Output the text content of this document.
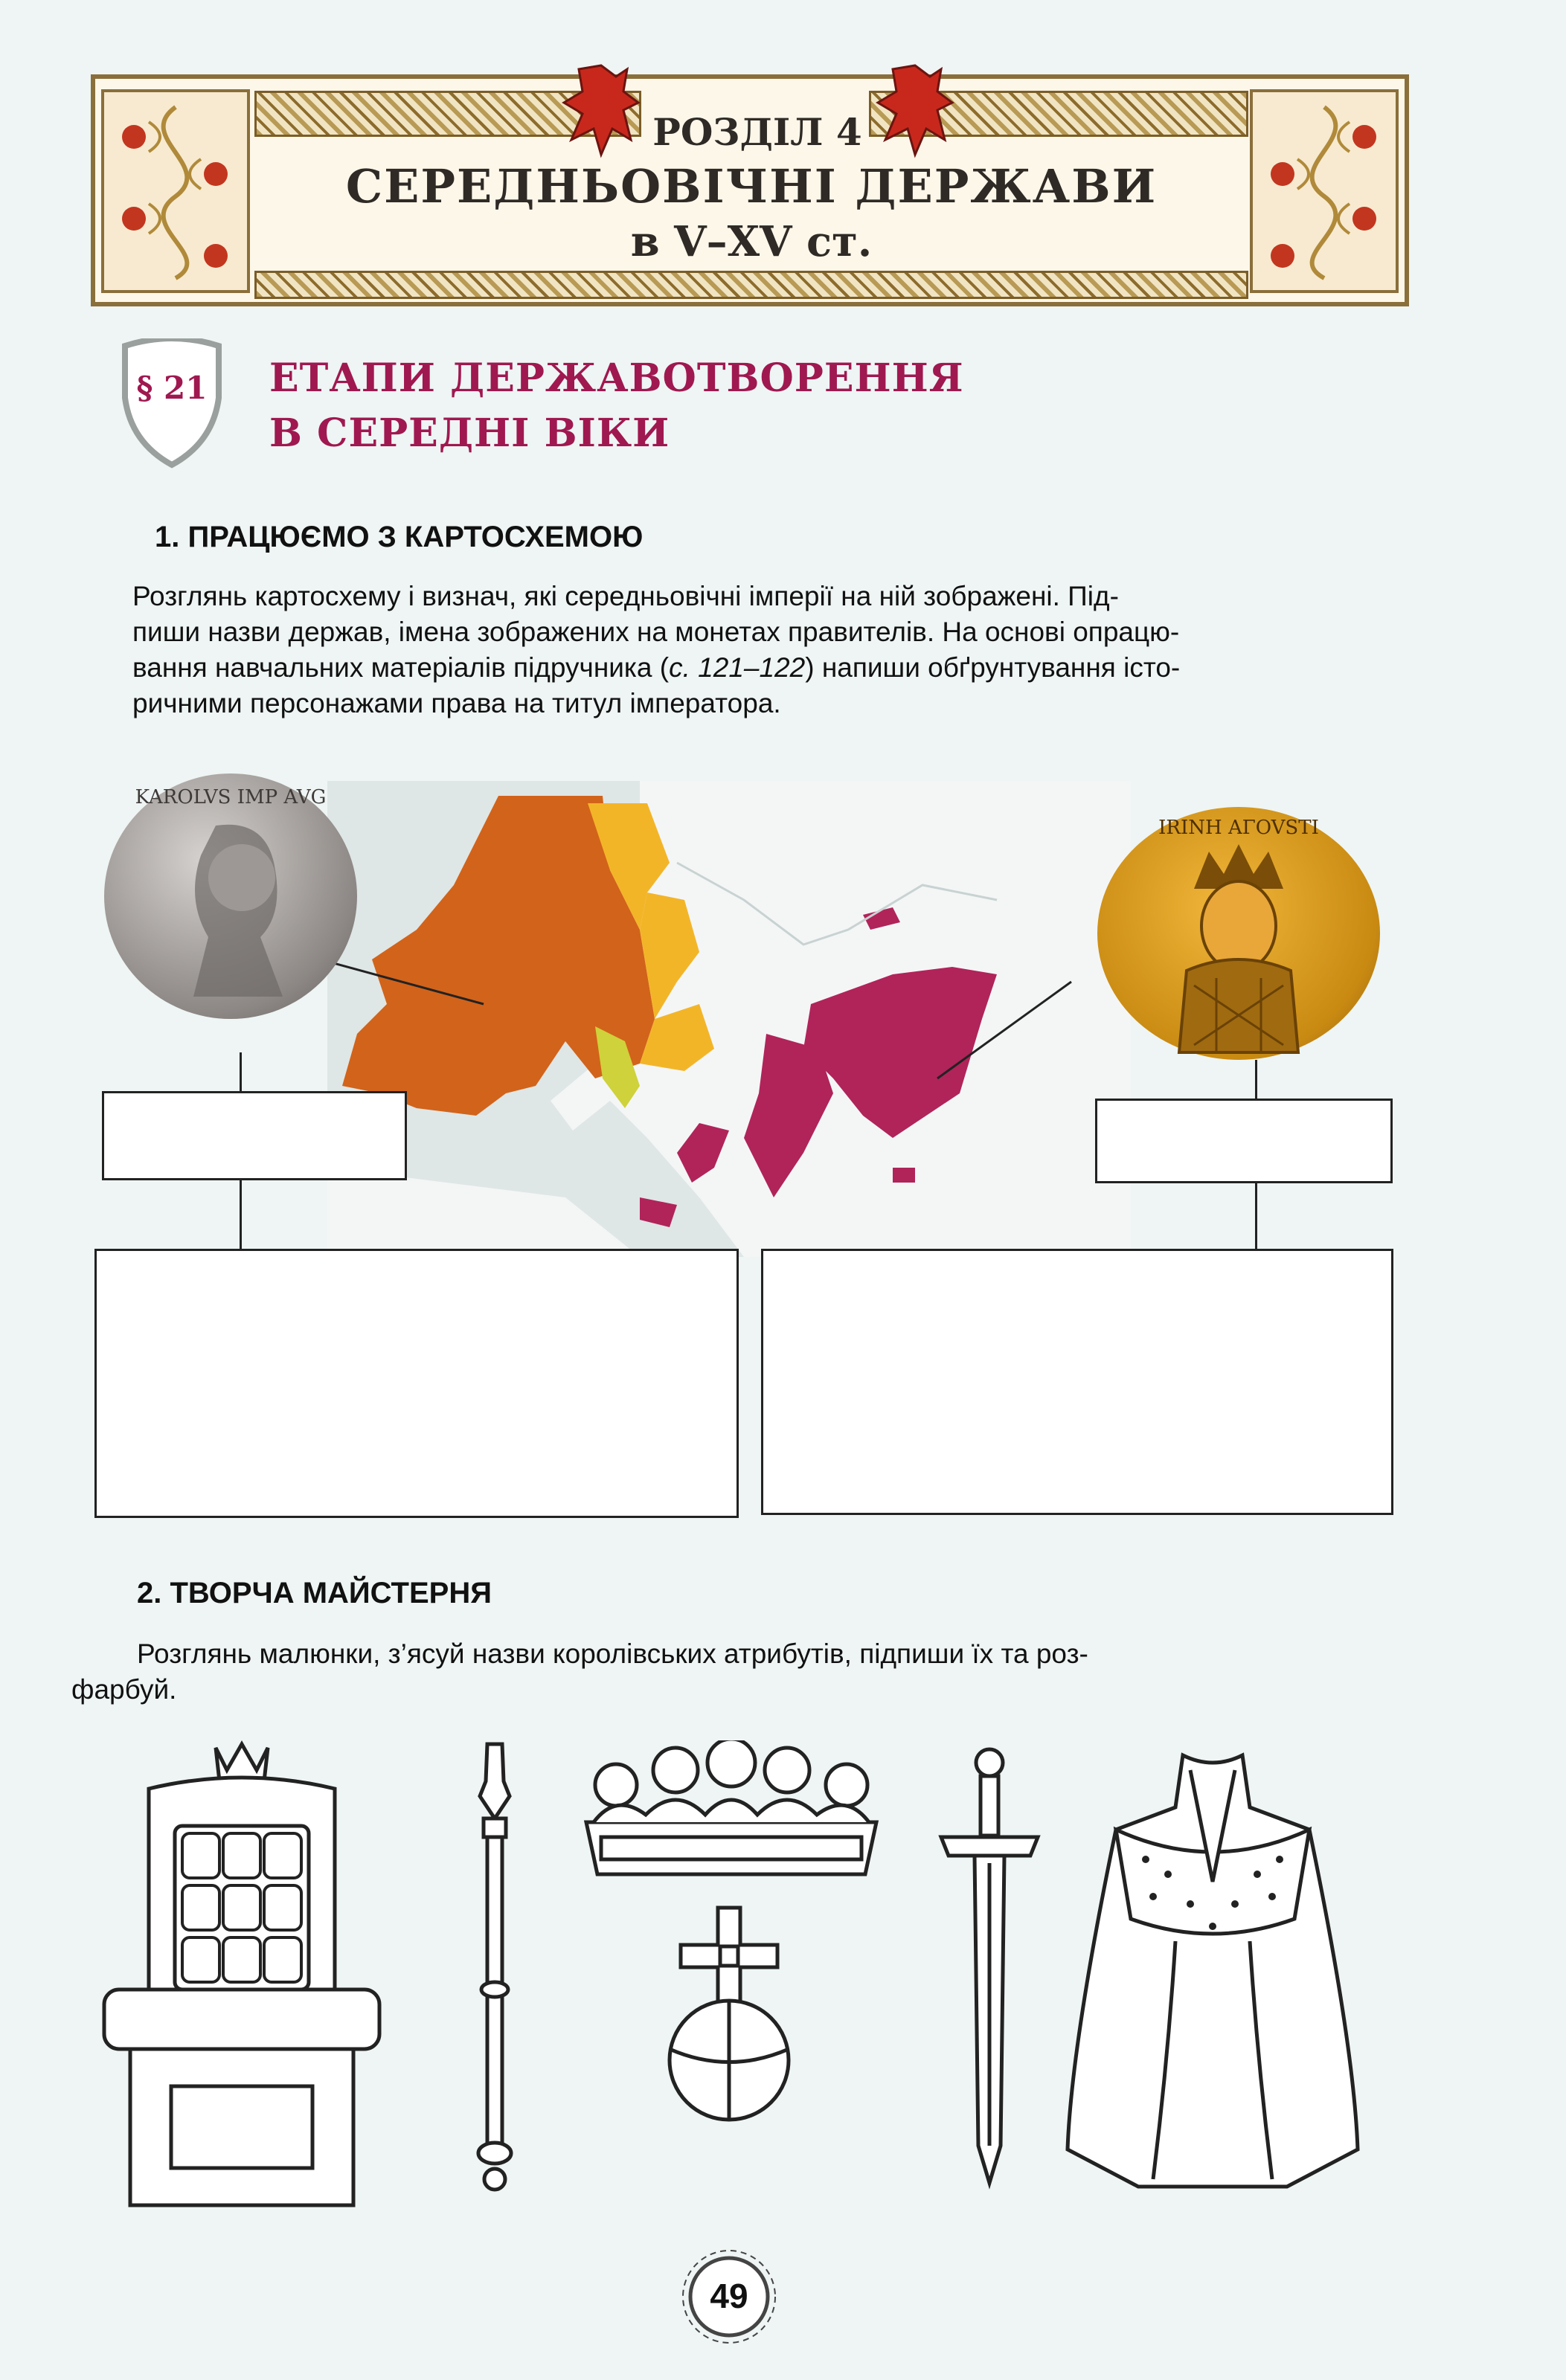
РОЗДІЛ 4
СЕРЕДНЬОВІЧНІ ДЕРЖАВИ
в V–XV ст.
§ 21	ЕТАПИ ДЕРЖАВОТВОРЕННЯ
В СЕРЕДНІ ВІКИ
1. ПРАЦЮЄМО З КАРТОСХЕМОЮ
Розглянь картосхему і визнач, які середньовічні імперії на ній зображені. Під-
пиши назви держав, імена зображених на монетах правителів. На основі опрацю-
вання навчальних матеріалів підручника (с. 121–122) напиши обґрунтування істо-
ричними персонажами права на титул імператора.
KAROLVS IMP AVG
IRINH AΓOVSTI
2. ТВОРЧА МАЙСТЕРНЯ
Розглянь малюнки, з’ясуй назви королівських атрибутів, підпиши їх та роз-
фарбуй.
49
